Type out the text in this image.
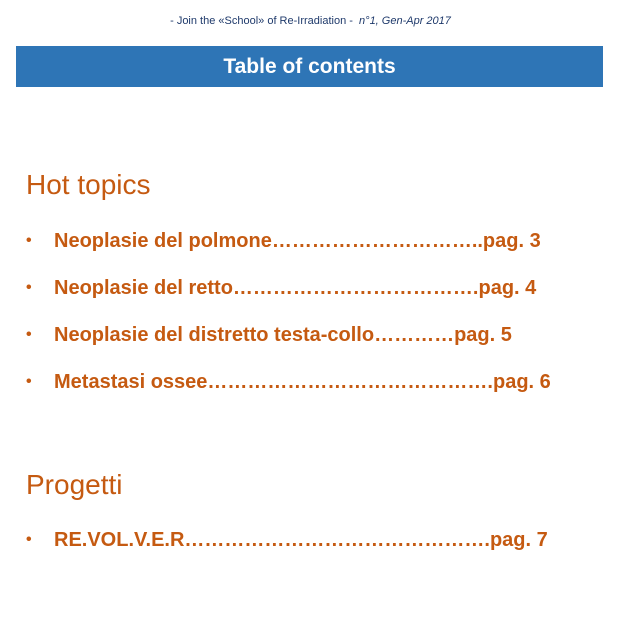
- Join the «School» of Re-Irradiation - n°1, Gen-Apr 2017
Table of contents
Hot topics
• Neoplasie del polmone…………………………..pag. 3
• Neoplasie del retto……………………………….pag. 4
• Neoplasie del distretto testa-collo…………pag. 5
• Metastasi ossee…………………………………….pag. 6
Progetti
• RE.VOL.V.E.R……………………………………….pag. 7
